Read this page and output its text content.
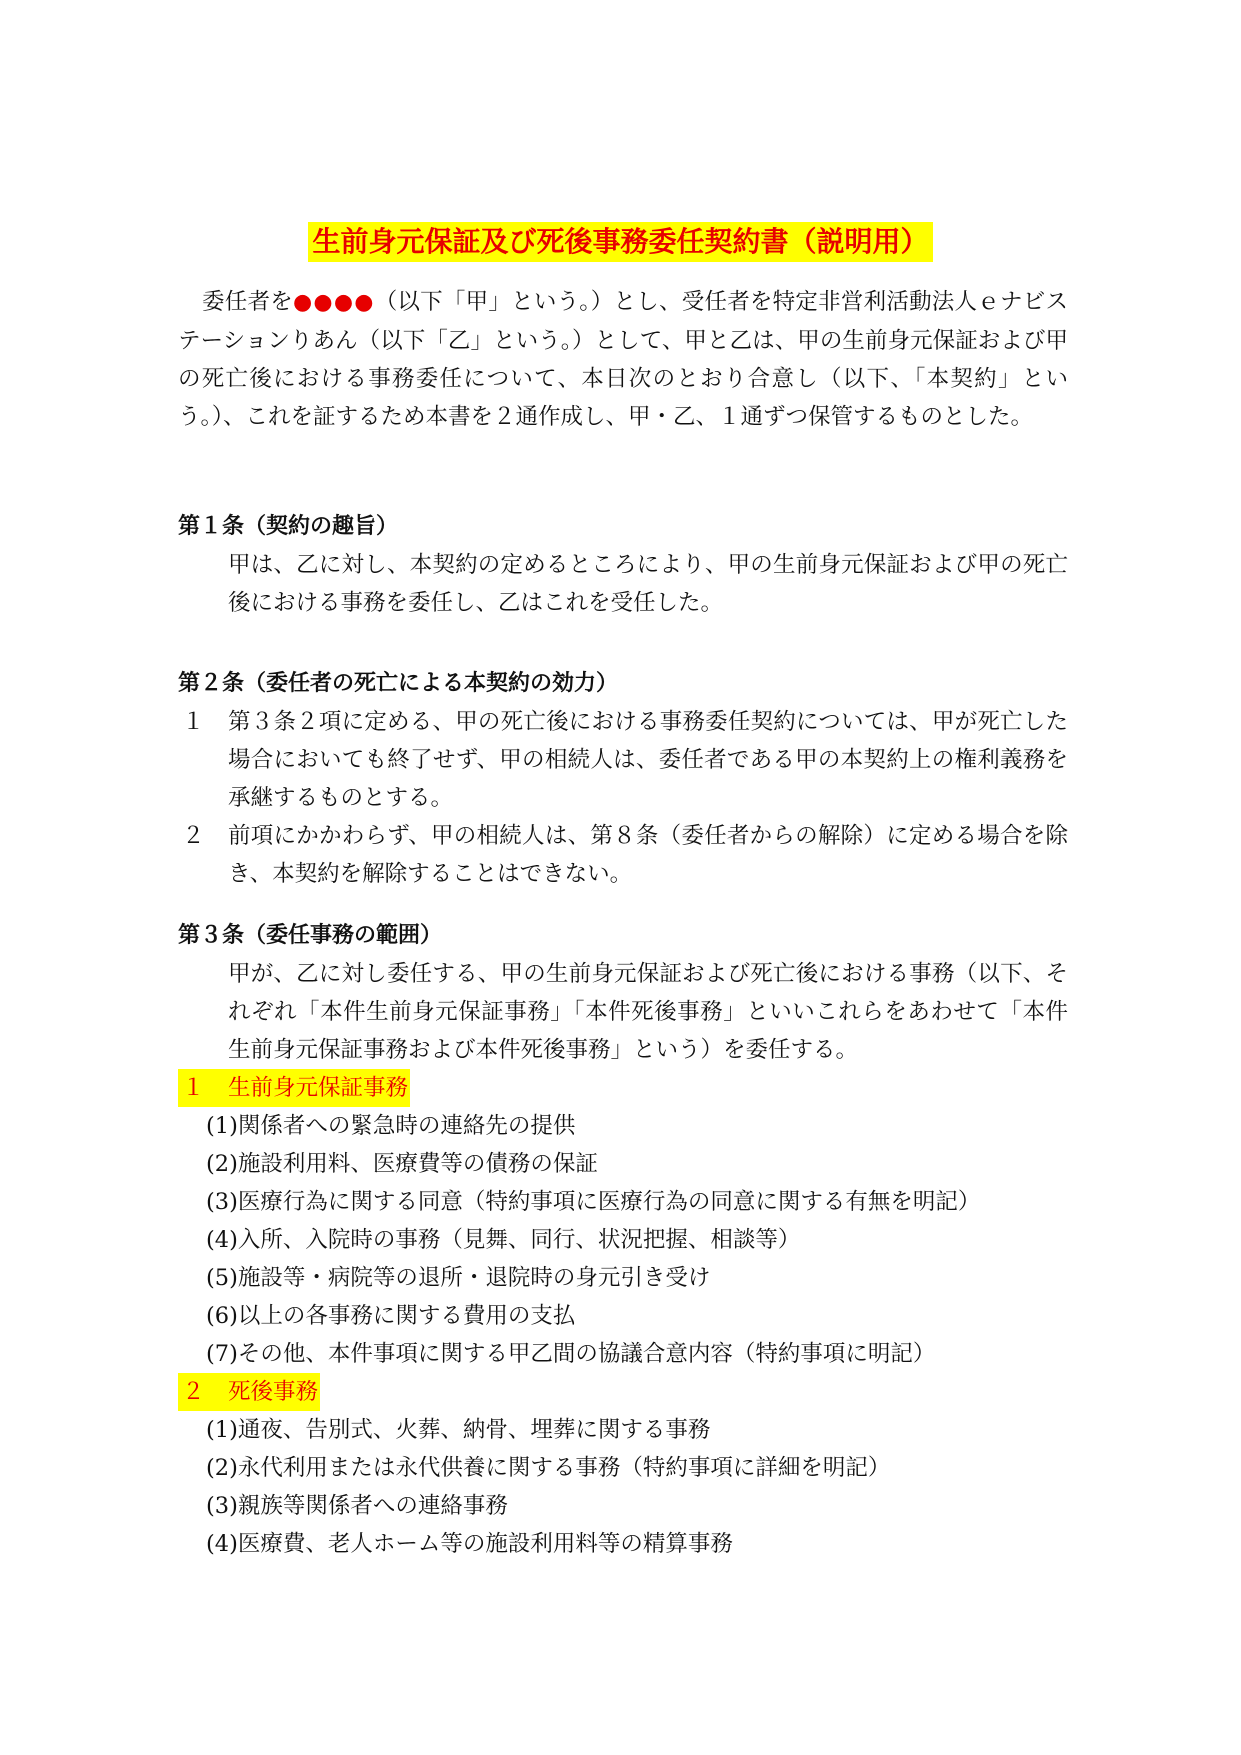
生前身元保証及び死後事務委任契約書（説明用）
委任者を●●●●（以下「甲」という。）とし、受任者を特定非営利活動法人ｅナビステーションりあん（以下「乙」という。）として、甲と乙は、甲の生前身元保証および甲の死亡後における事務委任について、本日次のとおり合意し（以下、「本契約」という。）、これを証するため本書を２通作成し、甲・乙、１通ずつ保管するものとした。
第１条（契約の趣旨）
甲は、乙に対し、本契約の定めるところにより、甲の生前身元保証および甲の死亡後における事務を委任し、乙はこれを受任した。
第２条（委任者の死亡による本契約の効力）
１	第３条２項に定める、甲の死亡後における事務委任契約については、甲が死亡した場合においても終了せず、甲の相続人は、委任者である甲の本契約上の権利義務を承継するものとする。
２	前項にかかわらず、甲の相続人は、第８条（委任者からの解除）に定める場合を除き、本契約を解除することはできない。
第３条（委任事務の範囲）
甲が、乙に対し委任する、甲の生前身元保証および死亡後における事務（以下、それぞれ「本件生前身元保証事務」「本件死後事務」といいこれらをあわせて「本件生前身元保証事務および本件死後事務」という）を委任する。
１ 生前身元保証事務
(1)関係者への緊急時の連絡先の提供
(2)施設利用料、医療費等の債務の保証
(3)医療行為に関する同意（特約事項に医療行為の同意に関する有無を明記）
(4)入所、入院時の事務（見舞、同行、状況把握、相談等）
(5)施設等・病院等の退所・退院時の身元引き受け
(6)以上の各事務に関する費用の支払
(7)その他、本件事項に関する甲乙間の協議合意内容（特約事項に明記）
２ 死後事務
(1)通夜、告別式、火葬、納骨、埋葬に関する事務
(2)永代利用または永代供養に関する事務（特約事項に詳細を明記）
(3)親族等関係者への連絡事務
(4)医療費、老人ホーム等の施設利用料等の精算事務
